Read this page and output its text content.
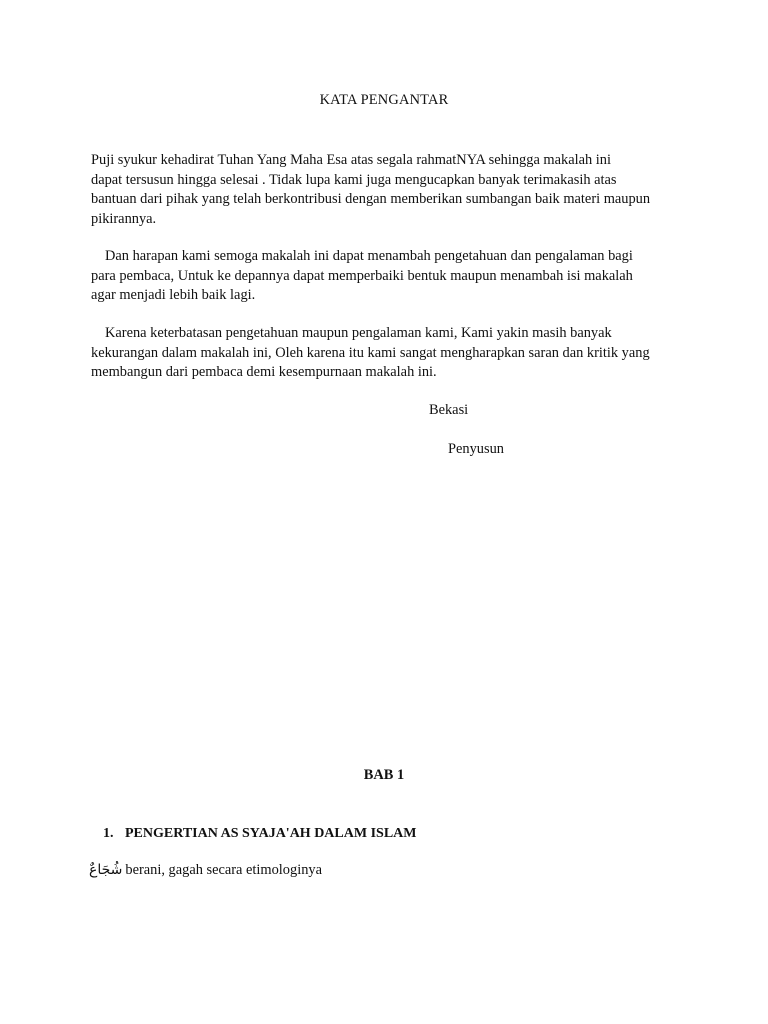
KATA PENGANTAR

Puji syukur kehadirat Tuhan Yang Maha Esa atas segala rahmatNYA sehingga makalah ini
dapat tersusun hingga selesai . Tidak lupa kami juga mengucapkan banyak terimakasih atas
bantuan dari pihak yang telah berkontribusi dengan memberikan sumbangan baik materi maupun
pikirannya.

Dan harapan kami semoga makalah ini dapat menambah pengetahuan dan pengalaman bagi
para pembaca, Untuk ke depannya dapat memperbaiki bentuk maupun menambah isi makalah
agar menjadi lebih baik lagi.

Karena keterbatasan pengetahuan maupun pengalaman kami, Kami yakin masih banyak
kekurangan dalam makalah ini, Oleh karena itu kami sangat mengharapkan saran dan kritik yang
membangun dari pembaca demi kesempurnaan makalah ini.

Bekasi
Penyusun
BAB 1
1. PENGERTIAN AS SYAJA'AH DALAM ISLAM
شُجَاعٌ berani, gagah secara etimologinya
